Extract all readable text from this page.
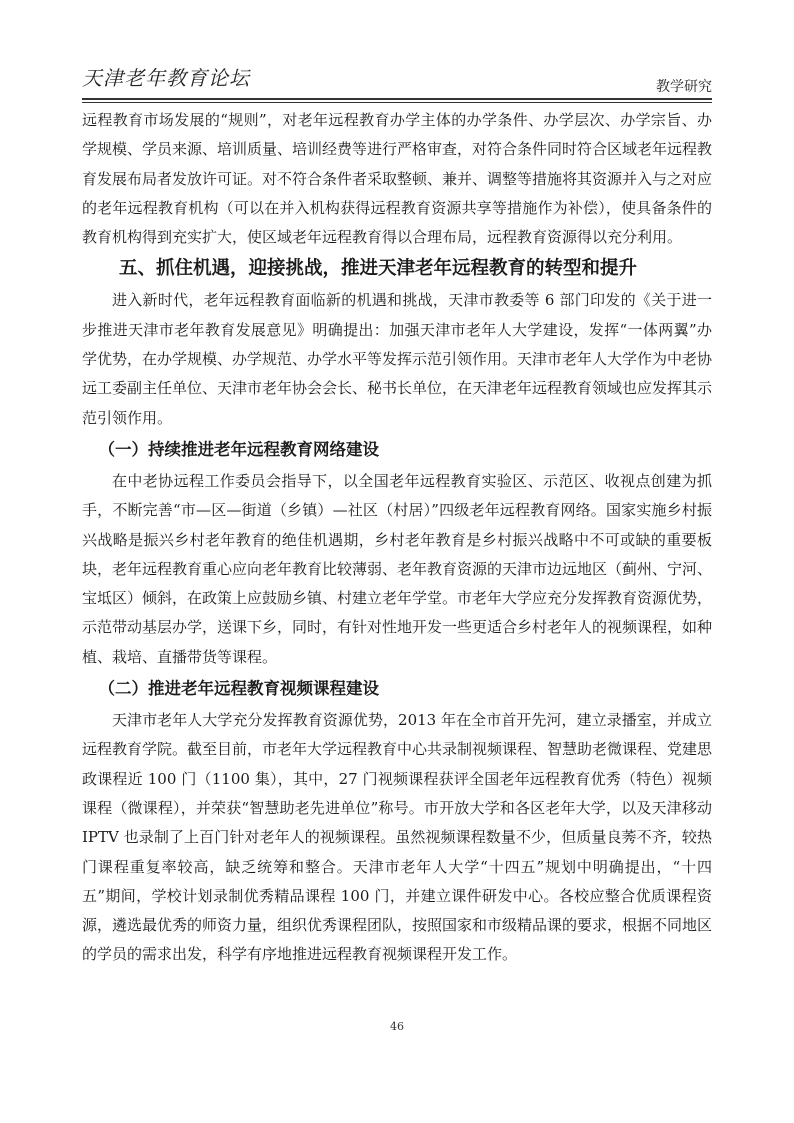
天津老年教育论坛	教学研究

远程教育市场发展的“规则”，对老年远程教育办学主体的办学条件、办学层次、办学宗旨、办学规模、学员来源、培训质量、培训经费等进行严格审查，对符合条件同时符合区域老年远程教育发展布局者发放许可证。对不符合条件者采取整顿、兼并、调整等措施将其资源并入与之对应的老年远程教育机构（可以在并入机构获得远程教育资源共享等措施作为补偿），使具备条件的教育机构得到充实扩大，使区域老年远程教育得以合理布局，远程教育资源得以充分利用。

五、抓住机遇，迎接挑战，推进天津老年远程教育的转型和提升

进入新时代，老年远程教育面临新的机遇和挑战，天津市教委等 6 部门印发的《关于进一步推进天津市老年教育发展意见》明确提出：加强天津市老年人大学建设，发挥“一体两翼”办学优势，在办学规模、办学规范、办学水平等发挥示范引领作用。天津市老年人大学作为中老协远工委副主任单位、天津市老年协会会长、秘书长单位，在天津老年远程教育领域也应发挥其示范引领作用。

（一）持续推进老年远程教育网络建设

在中老协远程工作委员会指导下，以全国老年远程教育实验区、示范区、收视点创建为抓手，不断完善“市—区—街道（乡镇）—社区（村居）”四级老年远程教育网络。国家实施乡村振兴战略是振兴乡村老年教育的绝佳机遇期，乡村老年教育是乡村振兴战略中不可或缺的重要板块，老年远程教育重心应向老年教育比较薄弱、老年教育资源的天津市边远地区（蓟州、宁河、宝坻区）倾斜，在政策上应鼓励乡镇、村建立老年学堂。市老年大学应充分发挥教育资源优势，示范带动基层办学，送课下乡，同时，有针对性地开发一些更适合乡村老年人的视频课程，如种植、栽培、直播带货等课程。

（二）推进老年远程教育视频课程建设

天津市老年人大学充分发挥教育资源优势，2013 年在全市首开先河，建立录播室，并成立远程教育学院。截至目前，市老年大学远程教育中心共录制视频课程、智慧助老微课程、党建思政课程近 100 门（1100 集），其中，27 门视频课程获评全国老年远程教育优秀（特色）视频课程（微课程），并荣获“智慧助老先进单位”称号。市开放大学和各区老年大学，以及天津移动 IPTV 也录制了上百门针对老年人的视频课程。虽然视频课程数量不少，但质量良莠不齐，较热门课程重复率较高，缺乏统筹和整合。天津市老年人大学“十四五”规划中明确提出，“十四五”期间，学校计划录制优秀精品课程 100 门，并建立课件研发中心。各校应整合优质课程资源，遴选最优秀的师资力量，组织优秀课程团队，按照国家和市级精品课的要求，根据不同地区的学员的需求出发，科学有序地推进远程教育视频课程开发工作。

46
